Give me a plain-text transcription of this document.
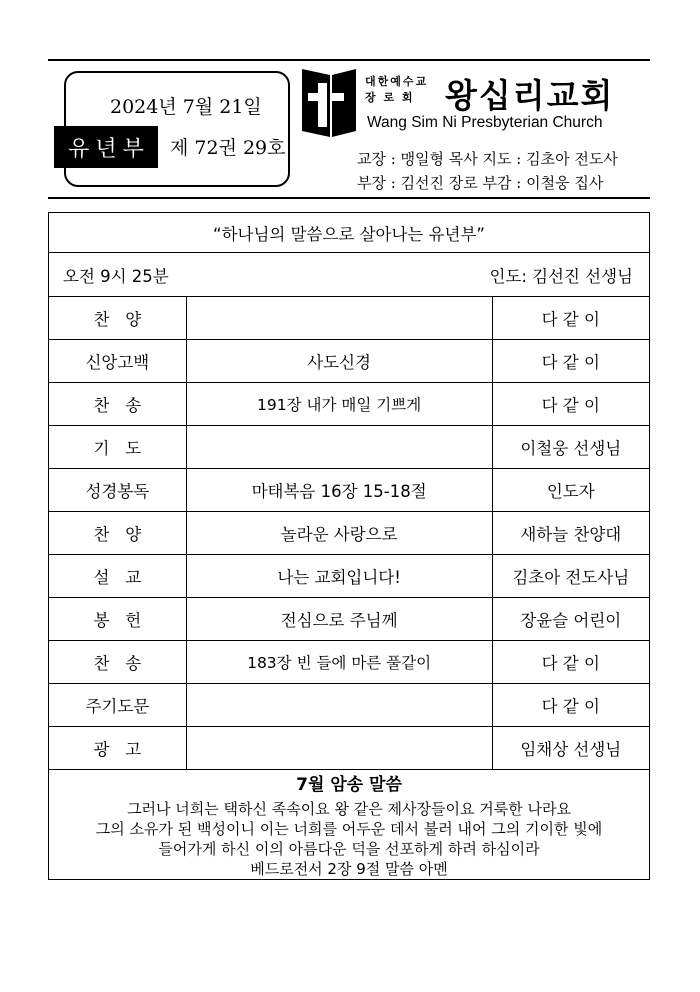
2024년 7월 21일
유년부	제 72권 29호
대한예수교
장 로 회 왕십리교회
Wang Sim Ni Presbyterian Church
교장 : 맹일형 목사 지도 : 김초아 전도사
부장 : 김선진 장로 부감 : 이철웅 집사
“하나님의 말씀으로 살아나는 유년부”		

오전 9시 25분 인도: 김선진 선생님		

찬   양		다 같 이
신앙고백	사도신경	다 같 이
찬   송	191장 내가 매일 기쁘게	다 같 이
기   도		이철웅 선생님
성경봉독	마태복음 16장 15-18절	인도자
찬   양	놀라운 사랑으로	새하늘 찬양대
설   교	나는 교회입니다!	김초아 전도사님
봉   헌	전심으로 주님께	장윤슬 어린이
찬   송	183장 빈 들에 마른 풀같이	다 같 이
주기도문		다 같 이
광   고		임채상 선생님

7월 암송 말씀
그러나 너희는 택하신 족속이요 왕 같은 제사장들이요 거룩한 나라요
그의 소유가 된 백성이니 이는 너희를 어두운 데서 불러 내어 그의 기이한 빛에
들어가게 하신 이의 아름다운 덕을 선포하게 하려 하심이라
베드로전서 2장 9절 말씀 아멘		
